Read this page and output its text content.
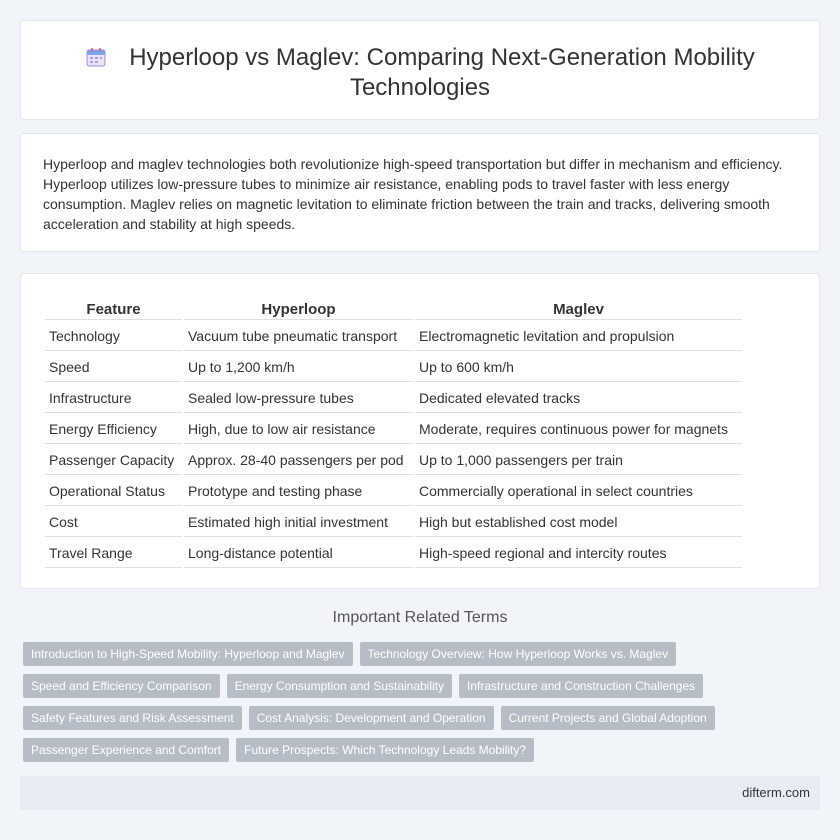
Hyperloop vs Maglev: Comparing Next-Generation Mobility
Technologies

Hyperloop and maglev technologies both revolutionize high-speed transportation but differ in mechanism and efficiency. Hyperloop utilizes low-pressure tubes to minimize air resistance, enabling pods to travel faster with less energy consumption. Maglev relies on magnetic levitation to eliminate friction between the train and tracks, delivering smooth acceleration and stability at high speeds.

Feature	Hyperloop	Maglev
Technology	Vacuum tube pneumatic transport	Electromagnetic levitation and propulsion
Speed	Up to 1,200 km/h	Up to 600 km/h
Infrastructure	Sealed low-pressure tubes	Dedicated elevated tracks
Energy Efficiency	High, due to low air resistance	Moderate, requires continuous power for magnets
Passenger Capacity	Approx. 28-40 passengers per pod	Up to 1,000 passengers per train
Operational Status	Prototype and testing phase	Commercially operational in select countries
Cost	Estimated high initial investment	High but established cost model
Travel Range	Long-distance potential	High-speed regional and intercity routes
Important Related Terms
Introduction to High-Speed Mobility: Hyperloop and Maglev	Technology Overview: How Hyperloop Works vs. Maglev
Speed and Efficiency Comparison	Energy Consumption and Sustainability	Infrastructure and Construction Challenges
Safety Features and Risk Assessment	Cost Analysis: Development and Operation	Current Projects and Global Adoption
Passenger Experience and Comfort	Future Prospects: Which Technology Leads Mobility?
difterm.com
